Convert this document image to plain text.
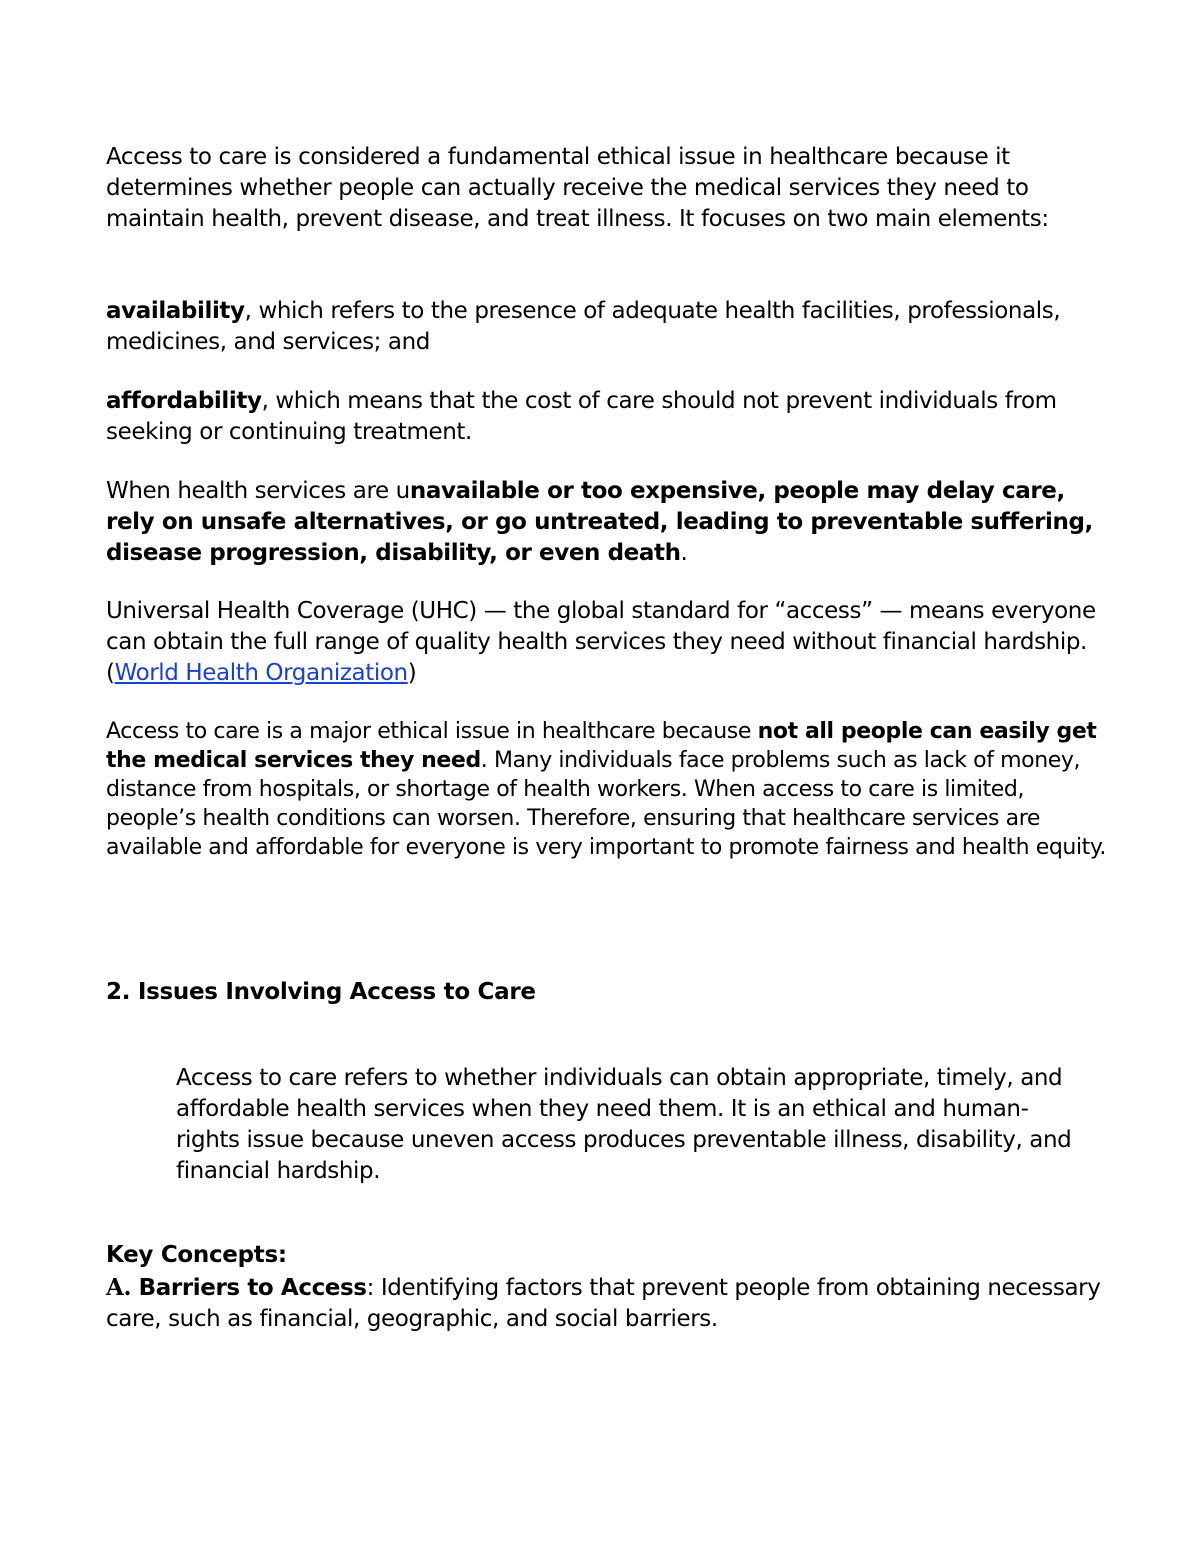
Access to care is considered a fundamental ethical issue in healthcare because it determines whether people can actually receive the medical services they need to maintain health, prevent disease, and treat illness. It focuses on two main elements:

availability, which refers to the presence of adequate health facilities, professionals, medicines, and services; and

affordability, which means that the cost of care should not prevent individuals from seeking or continuing treatment.

When health services are unavailable or too expensive, people may delay care, rely on unsafe alternatives, or go untreated, leading to preventable suffering, disease progression, disability, or even death.

Universal Health Coverage (UHC) — the global standard for “access” — means everyone can obtain the full range of quality health services they need without financial hardship. (World Health Organization)

Access to care is a major ethical issue in healthcare because not all people can easily get the medical services they need. Many individuals face problems such as lack of money, distance from hospitals, or shortage of health workers. When access to care is limited, people’s health conditions can worsen. Therefore, ensuring that healthcare services are available and affordable for everyone is very important to promote fairness and health equity.

2. Issues Involving Access to Care

Access to care refers to whether individuals can obtain appropriate, timely, and affordable health services when they need them. It is an ethical and human-rights issue because uneven access produces preventable illness, disability, and financial hardship.

Key Concepts:

A. Barriers to Access: Identifying factors that prevent people from obtaining necessary care, such as financial, geographic, and social barriers.
